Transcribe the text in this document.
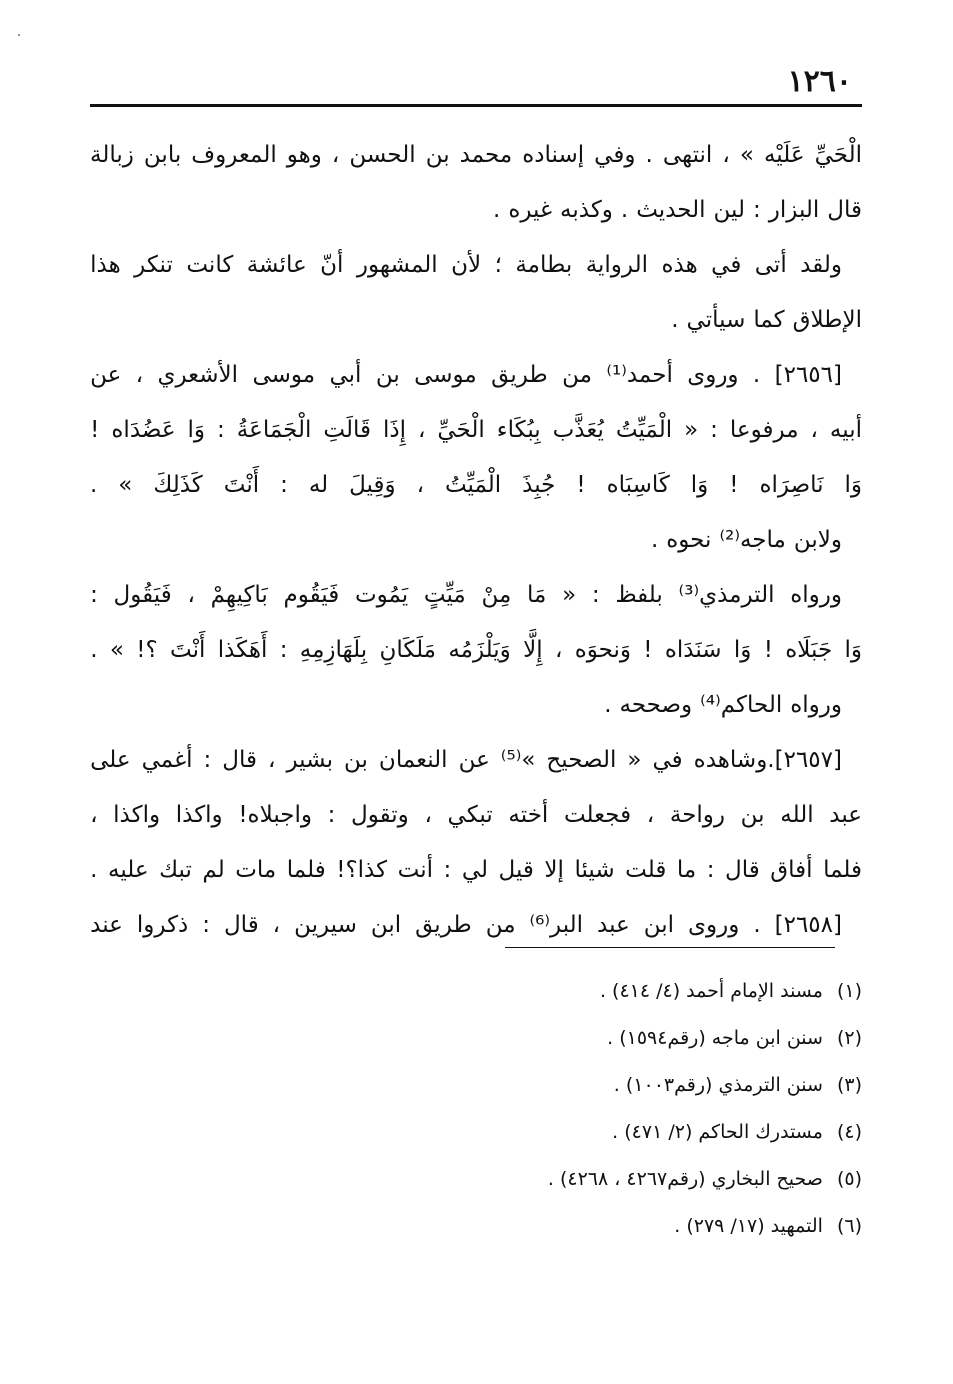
١٢٦٠
الْحَيِّ
عَلَيْه
»
،
انتهى
.
وفي
إسناده
محمد
بن
الحسن
،
وهو
المعروف
بابن
زبالة
قال
البزار
:
لين
الحديث
.
وكذبه
غيره
.
ولقد
أتى
في
هذه
الرواية
بطامة
؛
لأن
المشهور
أنّ
عائشة
كانت
تنكر
هذا
الإطلاق
كما
سيأتي
.
[٢٦٥٦]
.
وروى
أحمد⁽¹⁾
من
طريق
موسى
بن
أبي
موسى
الأشعري
،
عن
أبيه
،
مرفوعا
:
«
الْمَيِّتُ
يُعَذَّب
بِبُكَاء
الْحَيِّ
،
إِذَا
قَالَتِ
الْجَمَاعَةُ
:
وَا
عَضُدَاه
!
وَا
نَاصِرَاه
!
وَا
كَاسِبَاه
!
جُبِذَ
الْمَيِّتُ
،
وَقِيلَ
له
:
أَنْتَ
كَذَلِكَ
»
.
ولابن
ماجه⁽²⁾
نحوه
.
ورواه
الترمذي⁽³⁾
بلفظ
:
«
مَا
مِنْ
مَيِّتٍ
يَمُوت
فَيَقُوم
بَاكِيهِمْ
،
فَيَقُول
:
وَا
جَبَلَاه
!
وَا
سَنَدَاه
!
وَنحوَه
،
إِلَّا
وَيَلْزَمُه
مَلَكَانِ
بِلَهَازِمِهِ
:
أَهَكَذا
أَنْتَ
؟!
»
.
ورواه
الحاكم⁽⁴⁾
وصححه
.
[٢٦٥٧].وشاهده
في
«
الصحيح
»⁽⁵⁾
عن
النعمان
بن
بشير
،
قال
:
أغمي
على
عبد
الله
بن
رواحة
،
فجعلت
أخته
تبكي
،
وتقول
:
واجبلاه!
واكذا
واكذا
،
فلما
أفاق
قال
:
ما
قلت
شيئا
إلا
قيل
لي
:
أنت
كذا؟!
فلما
مات
لم
تبك
عليه
.
[٢٦٥٨]
.
وروى
ابن
عبد
البر⁽⁶⁾
من
طريق
ابن
سيرين
،
قال
:
ذكروا
عند
(١)مسند الإمام أحمد (٤/ ٤١٤) .
(٢)سنن ابن ماجه (رقم١٥٩٤) .
(٣)سنن الترمذي (رقم١٠٠٣) .
(٤)مستدرك الحاكم (٢/ ٤٧١) .
(٥)صحيح البخاري (رقم٤٢٦٧ ، ٤٢٦٨) .
(٦)التمهيد (١٧/ ٢٧٩) .
